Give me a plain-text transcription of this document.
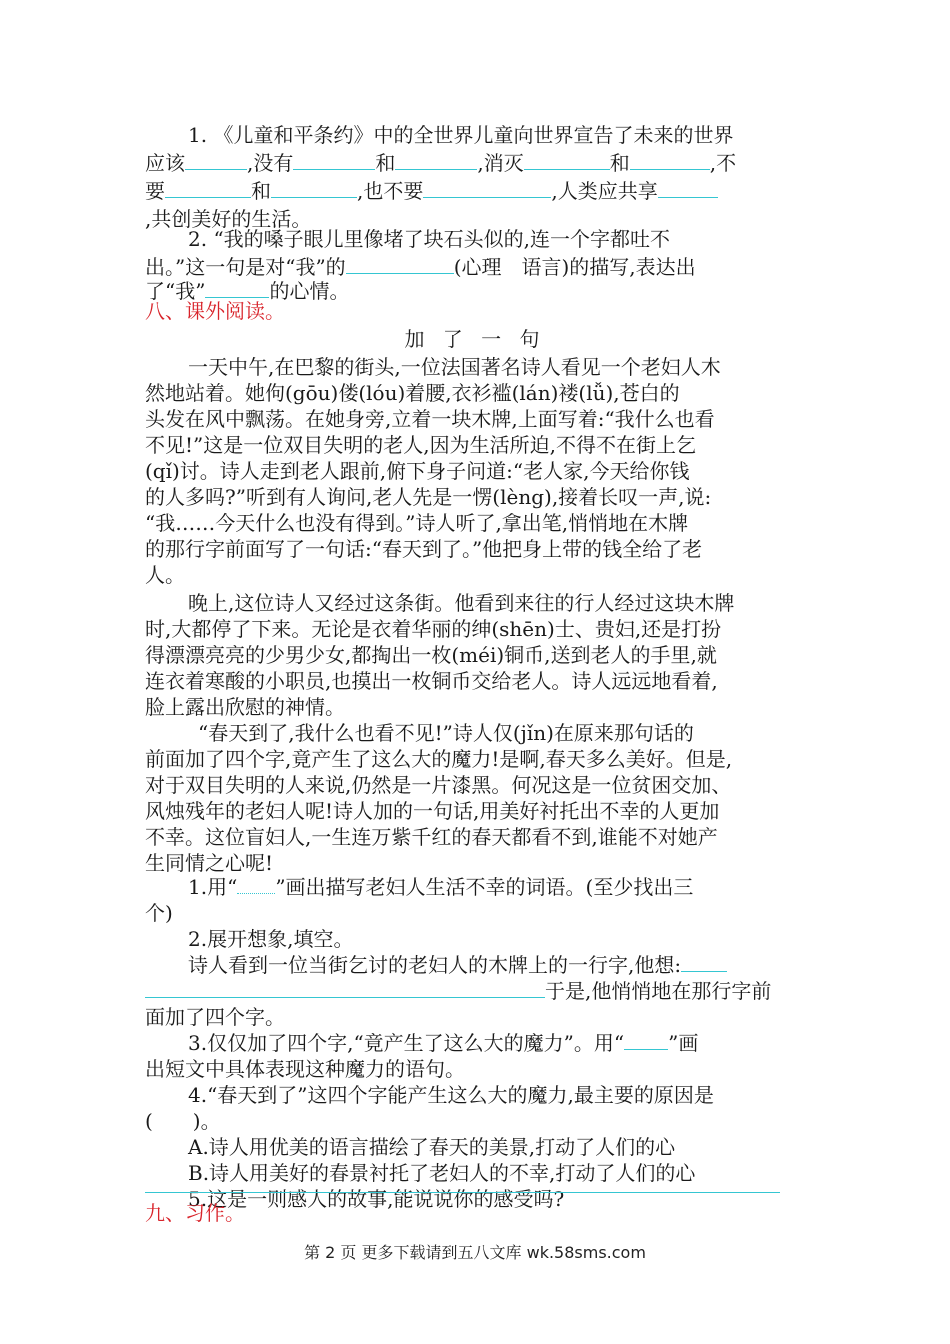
1. 《儿童和平条约》中的全世界儿童向世界宣告了未来的世界
应该	,没有	和	,消灭	和	,不
要	和	,也不要	,人类应共享
,共创美好的生活。
2. “我的嗓子眼儿里像堵了块石头似的,连一个字都吐不
出。”这一句是对“我”的	(心理　语言)的描写,表达出
了“我”	的心情。
八、课外阅读。
加 了 一 句
一天中午,在巴黎的街头,一位法国著名诗人看见一个老妇人木
然地站着。她佝(gōu)偻(lóu)着腰,衣衫褴(lán)褛(lǚ),苍白的
头发在风中飘荡。在她身旁,立着一块木牌,上面写着:“我什么也看
不见!”这是一位双目失明的老人,因为生活所迫,不得不在街上乞
(qǐ)讨。诗人走到老人跟前,俯下身子问道:“老人家,今天给你钱
的人多吗?”听到有人询问,老人先是一愣(lèng),接着长叹一声,说:
“我……今天什么也没有得到。”诗人听了,拿出笔,悄悄地在木牌
的那行字前面写了一句话:“春天到了。”他把身上带的钱全给了老
人。
晚上,这位诗人又经过这条街。他看到来往的行人经过这块木牌
时,大都停了下来。无论是衣着华丽的绅(shēn)士、贵妇,还是打扮
得漂漂亮亮的少男少女,都掏出一枚(méi)铜币,送到老人的手里,就
连衣着寒酸的小职员,也摸出一枚铜币交给老人。诗人远远地看着,
脸上露出欣慰的神情。
“春天到了,我什么也看不见!”诗人仅(jǐn)在原来那句话的
前面加了四个字,竟产生了这么大的魔力!是啊,春天多么美好。但是,
对于双目失明的人来说,仍然是一片漆黑。何况这是一位贫困交加、
风烛残年的老妇人呢!诗人加的一句话,用美好衬托出不幸的人更加
不幸。这位盲妇人,一生连万紫千红的春天都看不到,谁能不对她产
生同情之心呢!
1.用“ ”画出描写老妇人生活不幸的词语。(至少找出三
个)
2.展开想象,填空。
诗人看到一位当街乞讨的老妇人的木牌上的一行字,他想:
于是,他悄悄地在那行字前
面加了四个字。
3.仅仅加了四个字,“竟产生了这么大的魔力”。用“ ”画
出短文中具体表现这种魔力的语句。
4.“春天到了”这四个字能产生这么大的魔力,最主要的原因是
(　　)。
A.诗人用优美的语言描绘了春天的美景,打动了人们的心
B.诗人用美好的春景衬托了老妇人的不幸,打动了人们的心
5.这是一则感人的故事,能说说你的感受吗?
九、习作。
第 2 页 更多下载请到五八文库 wk.58sms.com
